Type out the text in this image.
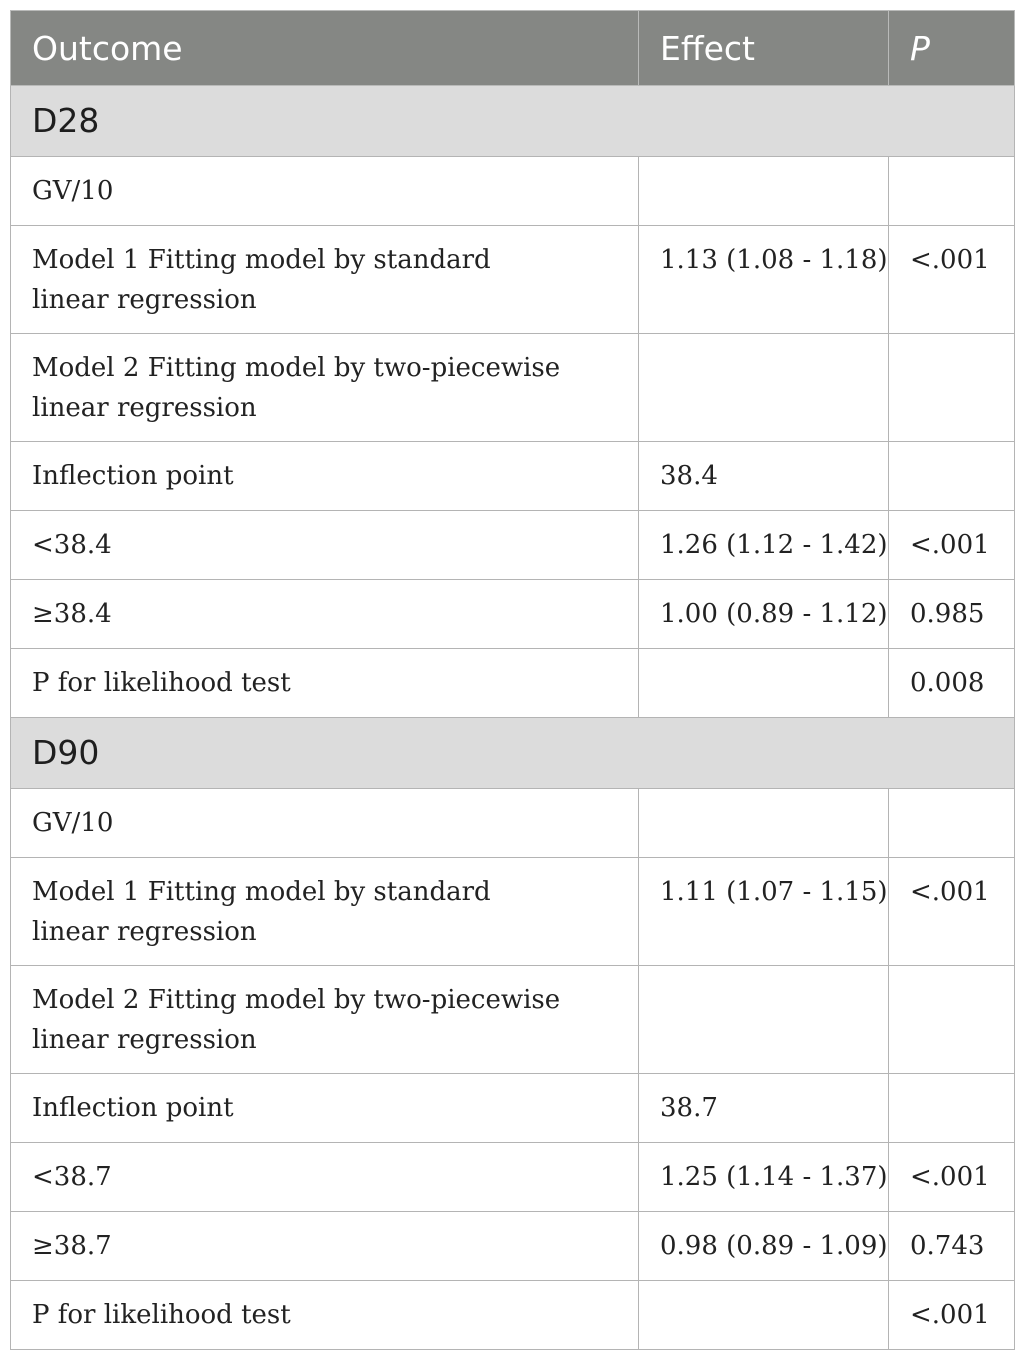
Outcome	Effect	P
D28		
GV/10		
Model 1 Fitting model by standard
linear regression	1.13 (1.08 - 1.18)	<.001
Model 2 Fitting model by two-piecewise
linear regression		
Inflection point	38.4	
<38.4	1.26 (1.12 - 1.42)	<.001
≥38.4	1.00 (0.89 - 1.12)	0.985
P for likelihood test		0.008
D90		
GV/10		
Model 1 Fitting model by standard
linear regression	1.11 (1.07 - 1.15)	<.001
Model 2 Fitting model by two-piecewise
linear regression		
Inflection point	38.7	
<38.7	1.25 (1.14 - 1.37)	<.001
≥38.7	0.98 (0.89 - 1.09)	0.743
P for likelihood test		<.001
